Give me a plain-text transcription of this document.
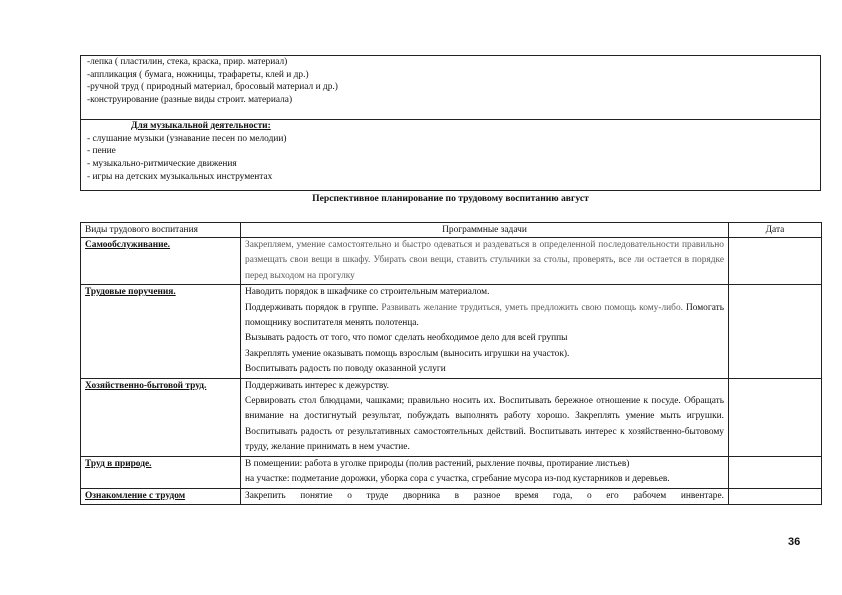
-лепка ( пластилин, стека, краска, прир. материал)
-аппликация ( бумага, ножницы, трафареты, клей и др.)
-ручной труд ( природный материал, бросовый материал и др.)
-конструирование (разные виды строит. материала)

Для музыкальной деятельности:
- слушание музыки (узнавание песен по мелодии)
- пение
- музыкально-ритмические движения
- игры на детских музыкальных инструментах
Перспективное планирование по трудовому воспитанию август
Виды трудового воспитания	Программные задачи	Дата
Самообслуживание.	Закрепляем, умение самостоятельно и быстро одеваться и раздеваться в определенной последовательности правильно размещать свои вещи в шкафу. Убирать свои вещи, ставить стульчики за столы, проверять, все ли остается в порядке перед выходом на прогулку	

Трудовые поручения.	Наводить порядок в шкафчике со строительным материалом.
Поддерживать порядок в группе. Развивать желание трудиться, уметь предложить свою помощь кому-либо. Помогать помощнику воспитателя менять полотенца.
Вызывать радость от того, что помог сделать необходимое дело для всей группы
Закреплять умение оказывать помощь взрослым (выносить игрушки на участок).
Воспитывать радость по поводу оказанной услуги	

Хозяйственно-бытовой труд.	Поддерживать интерес к дежурству.
Сервировать стол блюдцами, чашками; правильно носить их. Воспитывать бережное отношение к посуде. Обращать внимание на достигнутый результат, побуждать выполнять работу хорошо. Закреплять умение мыть игрушки. Воспитывать радость от результативных самостоятельных действий. Воспитывать интерес к хозяйственно-бытовому труду, желание принимать в нем участие.	

Труд в природе.	В помещении: работа в уголке природы (полив растений, рыхление почвы, протирание листьев)
на участке: подметание дорожки, уборка сора с участка, сгребание мусора из-под кустарников и деревьев.	

Ознакомление с трудом	Закрепить понятие о труде дворника в разное время года, о его рабочем инвентаре.	

36
